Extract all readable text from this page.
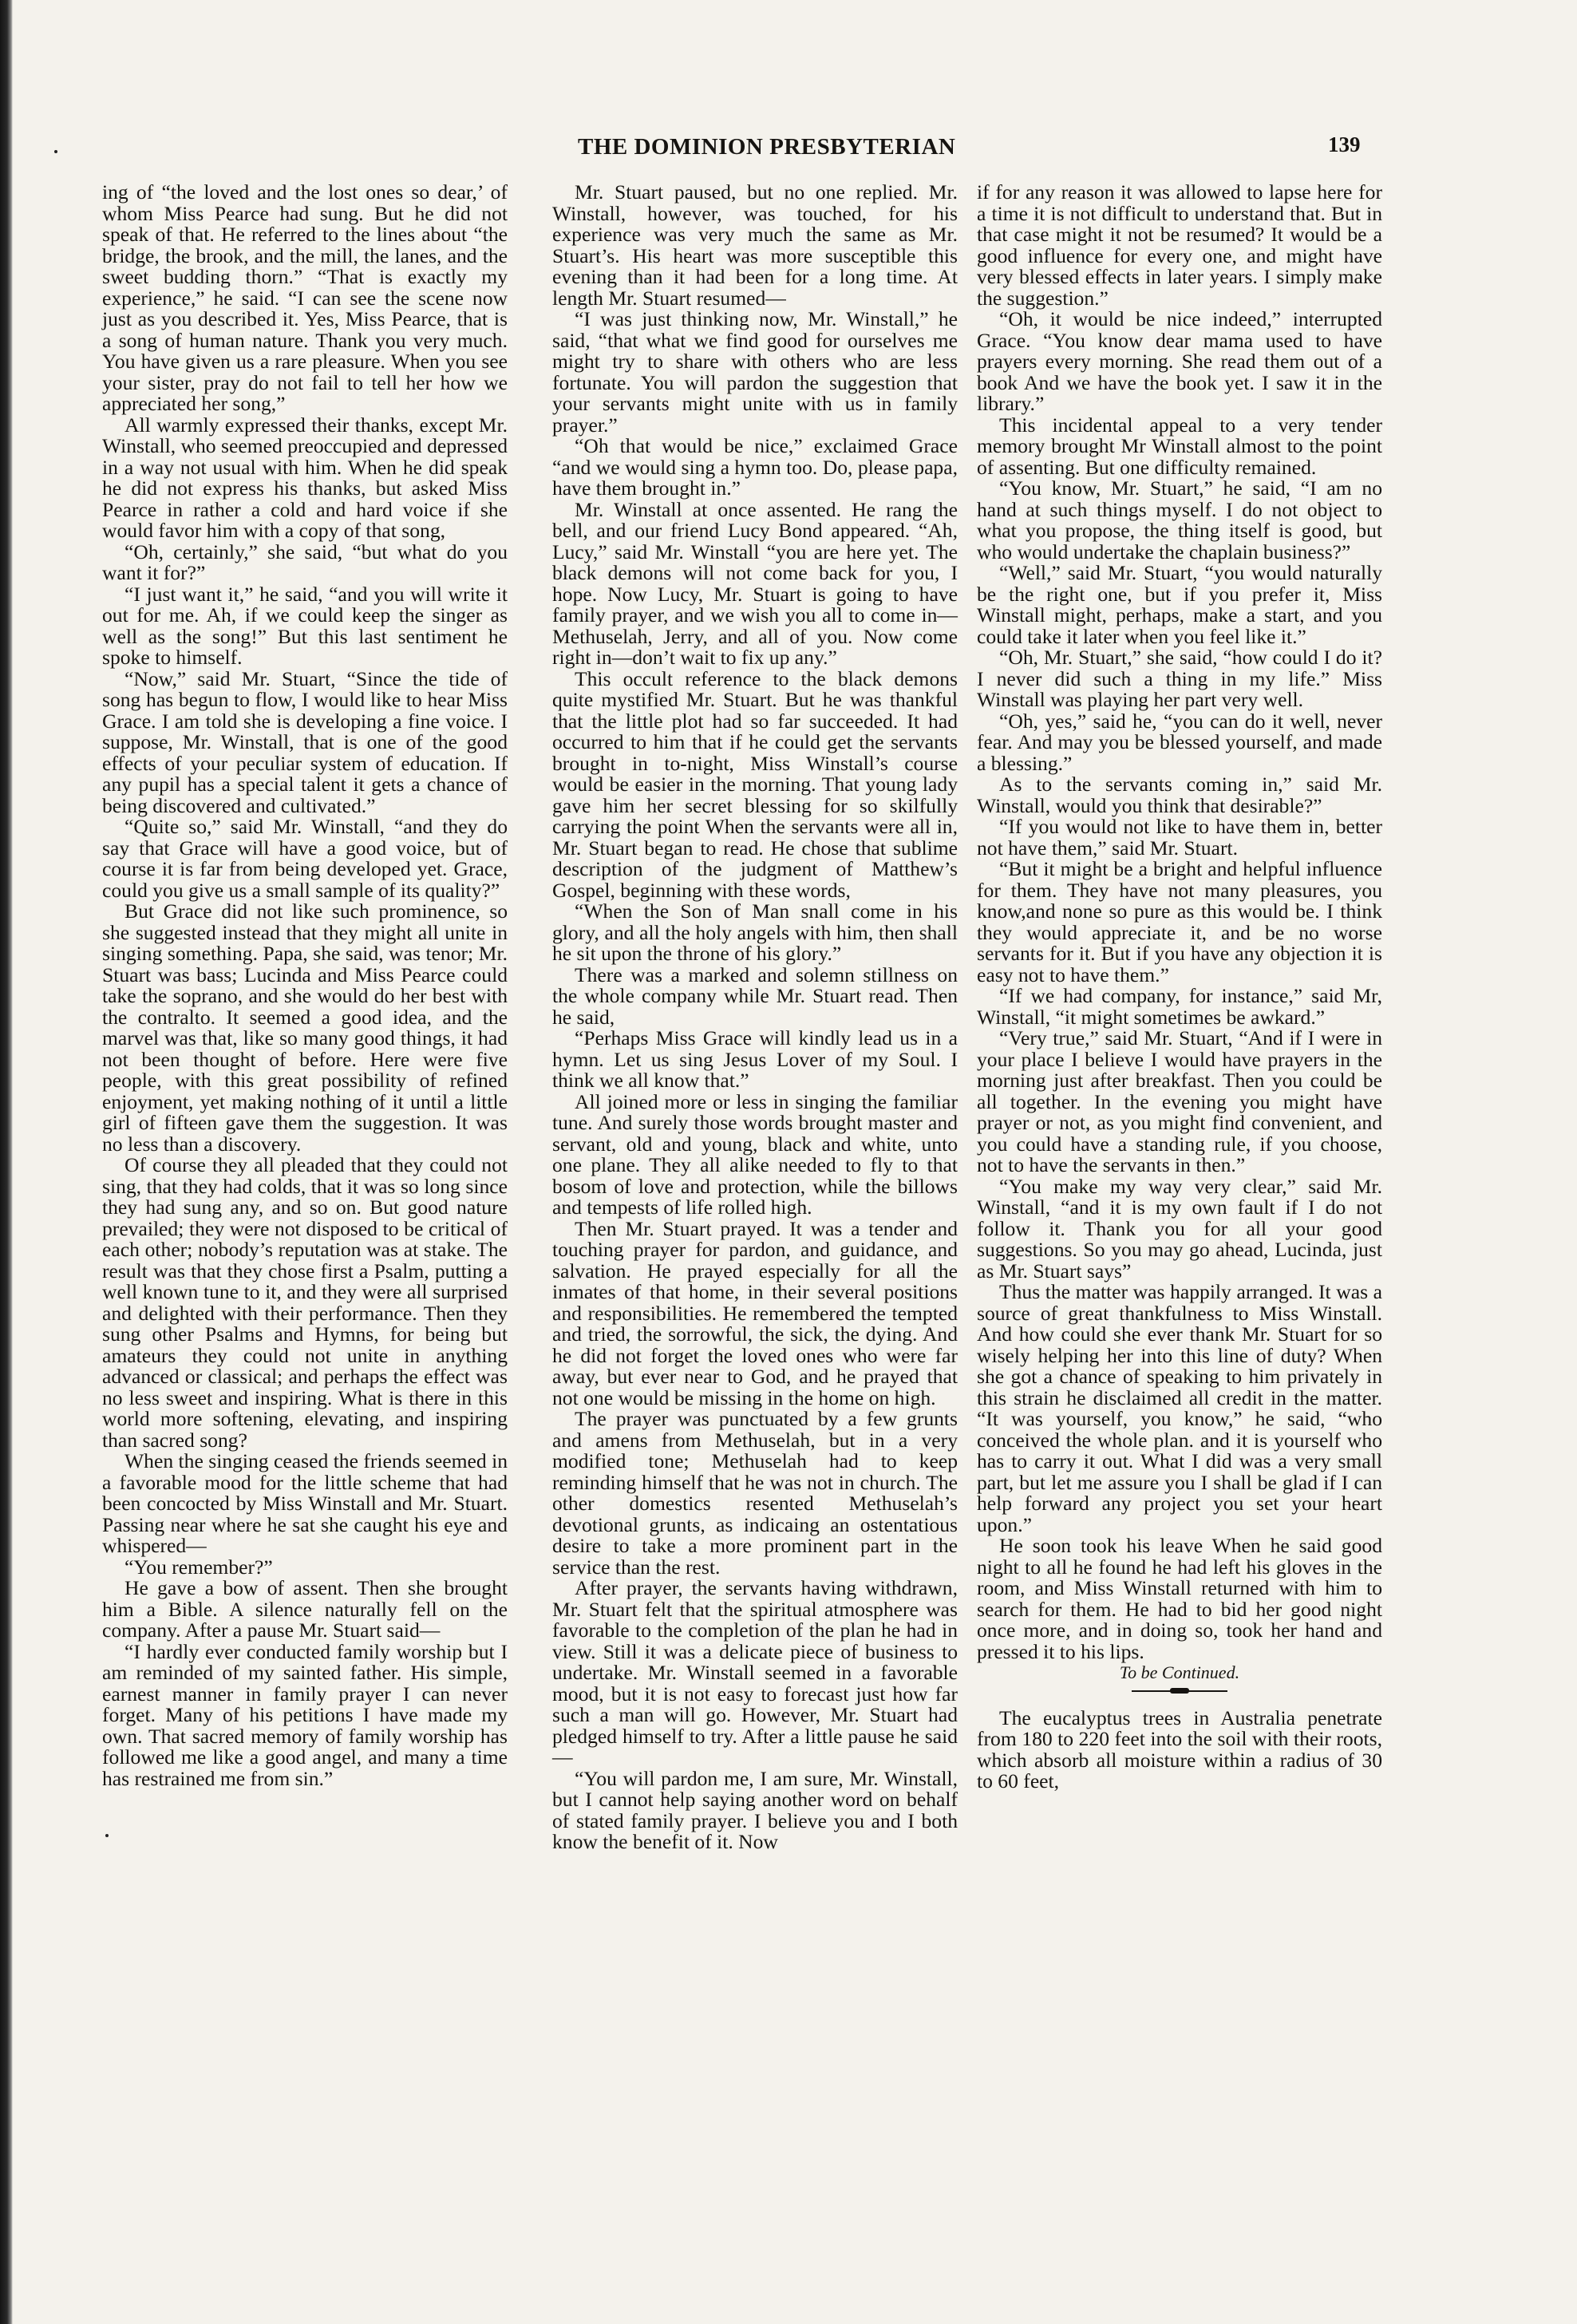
THE DOMINION PRESBYTERIAN	139

ing of “the loved and the lost ones so dear,’ of whom Miss Pearce had sung. But he did not speak of that. He referred to the lines about “the bridge, the brook, and the mill, the lanes, and the sweet budding thorn.” “That is exactly my experience,” he said. “I can see the scene now just as you described it. Yes, Miss Pearce, that is a song of human nature. Thank you very much. You have given us a rare pleasure. When you see your sister, pray do not fail to tell her how we appreciated her song,”

All warmly expressed their thanks, except Mr. Winstall, who seemed preoccupied and depressed in a way not usual with him. When he did speak he did not express his thanks, but asked Miss Pearce in rather a cold and hard voice if she would favor him with a copy of that song,

“Oh, certainly,” she said, “but what do you want it for?”

“I just want it,” he said, “and you will write it out for me. Ah, if we could keep the singer as well as the song!” But this last sentiment he spoke to himself.

“Now,” said Mr. Stuart, “Since the tide of song has begun to flow, I would like to hear Miss Grace. I am told she is developing a fine voice. I suppose, Mr. Winstall, that is one of the good effects of your peculiar system of education. If any pupil has a special talent it gets a chance of being discovered and cultivated.”

“Quite so,” said Mr. Winstall, “and they do say that Grace will have a good voice, but of course it is far from being developed yet. Grace, could you give us a small sample of its quality?”

But Grace did not like such prominence, so she suggested instead that they might all unite in singing something. Papa, she said, was tenor; Mr. Stuart was bass; Lucinda and Miss Pearce could take the soprano, and she would do her best with the contralto. It seemed a good idea, and the marvel was that, like so many good things, it had not been thought of before. Here were five people, with this great possibility of refined enjoyment, yet making nothing of it until a little girl of fifteen gave them the suggestion. It was no less than a discovery.

Of course they all pleaded that they could not sing, that they had colds, that it was so long since they had sung any, and so on. But good nature prevailed; they were not disposed to be critical of each other; nobody’s reputation was at stake. The result was that they chose first a Psalm, putting a well known tune to it, and they were all surprised and delighted with their performance. Then they sung other Psalms and Hymns, for being but amateurs they could not unite in anything advanced or classical; and perhaps the effect was no less sweet and inspiring. What is there in this world more softening, elevating, and inspiring than sacred song?

When the singing ceased the friends seemed in a favorable mood for the little scheme that had been concocted by Miss Winstall and Mr. Stuart. Passing near where he sat she caught his eye and whispered—

“You remember?”

He gave a bow of assent. Then she brought him a Bible. A silence naturally fell on the company. After a pause Mr. Stuart said—

“I hardly ever conducted family worship but I am reminded of my sainted father. His simple, earnest manner in family prayer I can never forget. Many of his petitions I have made my own. That sacred memory of family worship has followed me like a good angel, and many a time has restrained me from sin.”

Mr. Stuart paused, but no one replied. Mr. Winstall, however, was touched, for his experience was very much the same as Mr. Stuart’s. His heart was more susceptible this evening than it had been for a long time. At length Mr. Stuart resumed—

“I was just thinking now, Mr. Winstall,” he said, “that what we find good for ourselves me might try to share with others who are less fortunate. You will pardon the suggestion that your servants might unite with us in family prayer.”

“Oh that would be nice,” exclaimed Grace “and we would sing a hymn too. Do, please papa, have them brought in.”

Mr. Winstall at once assented. He rang the bell, and our friend Lucy Bond appeared. “Ah, Lucy,” said Mr. Winstall “you are here yet. The black demons will not come back for you, I hope. Now Lucy, Mr. Stuart is going to have family prayer, and we wish you all to come in—Methuselah, Jerry, and all of you. Now come right in—don’t wait to fix up any.”

This occult reference to the black demons quite mystified Mr. Stuart. But he was thankful that the little plot had so far succeeded. It had occurred to him that if he could get the servants brought in to-night, Miss Winstall’s course would be easier in the morning. That young lady gave him her secret blessing for so skilfully carrying the point When the servants were all in, Mr. Stuart began to read. He chose that sublime description of the judgment of Matthew’s Gospel, beginning with these words,

“When the Son of Man snall come in his glory, and all the holy angels with him, then shall he sit upon the throne of his glory.”

There was a marked and solemn stillness on the whole company while Mr. Stuart read. Then he said,

“Perhaps Miss Grace will kindly lead us in a hymn. Let us sing Jesus Lover of my Soul. I think we all know that.”

All joined more or less in singing the familiar tune. And surely those words brought master and servant, old and young, black and white, unto one plane. They all alike needed to fly to that bosom of love and protection, while the billows and tempests of life rolled high.

Then Mr. Stuart prayed. It was a tender and touching prayer for pardon, and guidance, and salvation. He prayed especially for all the inmates of that home, in their several positions and responsibilities. He remembered the tempted and tried, the sorrowful, the sick, the dying. And he did not forget the loved ones who were far away, but ever near to God, and he prayed that not one would be missing in the home on high.

The prayer was punctuated by a few grunts and amens from Methuselah, but in a very modified tone; Methuselah had to keep reminding himself that he was not in church. The other domestics resented Methuselah’s devotional grunts, as indicaing an ostentatious desire to take a more prominent part in the service than the rest.

After prayer, the servants having withdrawn, Mr. Stuart felt that the spiritual atmosphere was favorable to the completion of the plan he had in view. Still it was a delicate piece of business to undertake. Mr. Winstall seemed in a favorable mood, but it is not easy to forecast just how far such a man will go. However, Mr. Stuart had pledged himself to try. After a little pause he said—

“You will pardon me, I am sure, Mr. Winstall, but I cannot help saying another word on behalf of stated family prayer. I believe you and I both know the benefit of it. Now

if for any reason it was allowed to lapse here for a time it is not difficult to understand that. But in that case might it not be resumed? It would be a good influence for every one, and might have very blessed effects in later years. I simply make the suggestion.”

“Oh, it would be nice indeed,” interrupted Grace. “You know dear mama used to have prayers every morning. She read them out of a book And we have the book yet. I saw it in the library.”

This incidental appeal to a very tender memory brought Mr Winstall almost to the point of assenting. But one difficulty remained.

“You know, Mr. Stuart,” he said, “I am no hand at such things myself. I do not object to what you propose, the thing itself is good, but who would undertake the chaplain business?”

“Well,” said Mr. Stuart, “you would naturally be the right one, but if you prefer it, Miss Winstall might, perhaps, make a start, and you could take it later when you feel like it.”

“Oh, Mr. Stuart,” she said, “how could I do it? I never did such a thing in my life.” Miss Winstall was playing her part very well.

“Oh, yes,” said he, “you can do it well, never fear. And may you be blessed yourself, and made a blessing.”

As to the servants coming in,” said Mr. Winstall, would you think that desirable?”

“If you would not like to have them in, better not have them,” said Mr. Stuart.

“But it might be a bright and helpful influence for them. They have not many pleasures, you know,and none so pure as this would be. I think they would appreciate it, and be no worse servants for it. But if you have any objection it is easy not to have them.”

“If we had company, for instance,” said Mr, Winstall, “it might sometimes be awkard.”

“Very true,” said Mr. Stuart, “And if I were in your place I believe I would have prayers in the morning just after breakfast. Then you could be all together. In the evening you might have prayer or not, as you might find convenient, and you could have a standing rule, if you choose, not to have the servants in then.”

“You make my way very clear,” said Mr. Winstall, “and it is my own fault if I do not follow it. Thank you for all your good suggestions. So you may go ahead, Lucinda, just as Mr. Stuart says”

Thus the matter was happily arranged. It was a source of great thankfulness to Miss Winstall. And how could she ever thank Mr. Stuart for so wisely helping her into this line of duty? When she got a chance of speaking to him privately in this strain he disclaimed all credit in the matter. “It was yourself, you know,” he said, “who conceived the whole plan. and it is yourself who has to carry it out. What I did was a very small part, but let me assure you I shall be glad if I can help forward any project you set your heart upon.”

He soon took his leave When he said good night to all he found he had left his gloves in the room, and Miss Winstall returned with him to search for them. He had to bid her good night once more, and in doing so, took her hand and pressed it to his lips.

To be Continued.

The eucalyptus trees in Australia penetrate from 180 to 220 feet into the soil with their roots, which absorb all moisture within a radius of 30 to 60 feet,
